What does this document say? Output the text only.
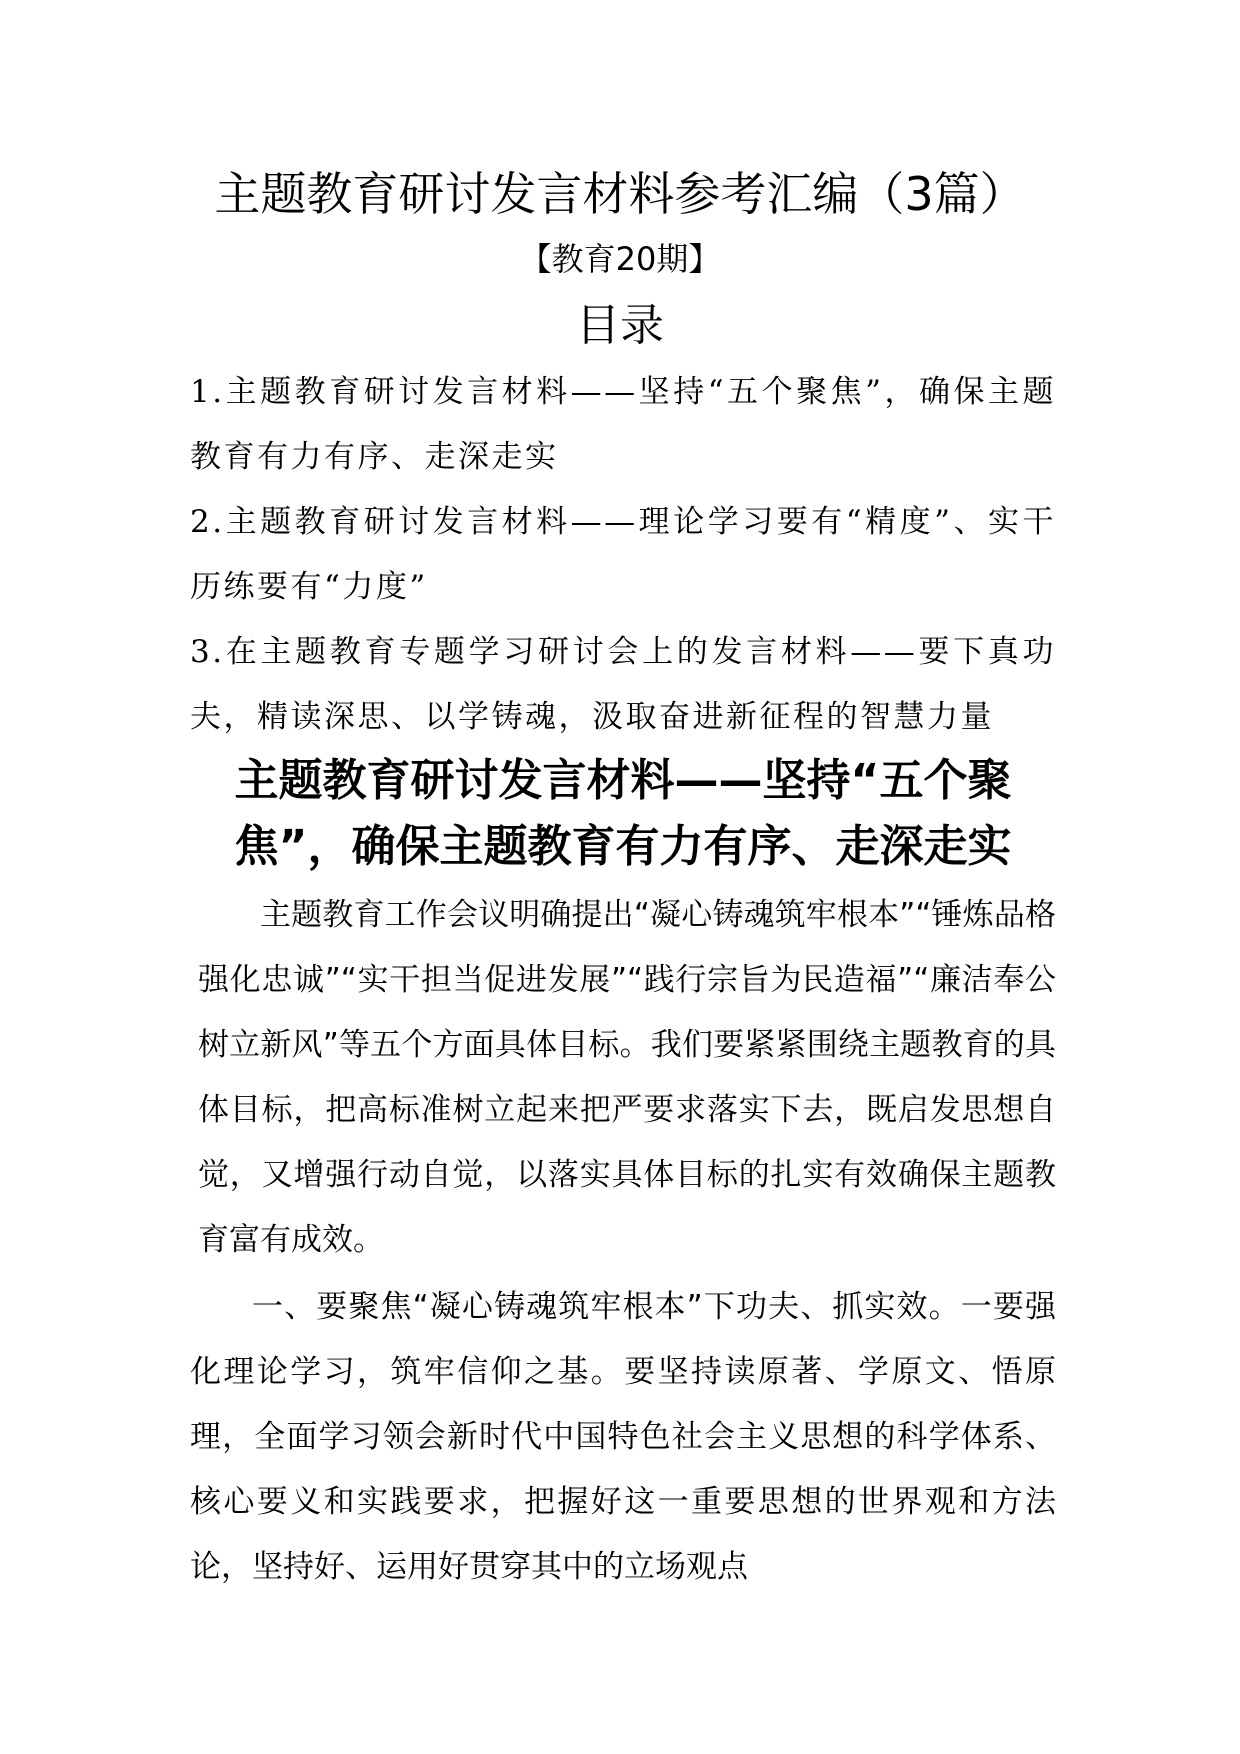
主题教育研讨发言材料参考汇编（3篇）
【教育20期】
目录
1.主题教育研讨发言材料——坚持“五个聚焦”，确保主题教育有力有序、走深走实
2.主题教育研讨发言材料——理论学习要有“精度”、实干历练要有“力度”
3.在主题教育专题学习研讨会上的发言材料——要下真功夫，精读深思、以学铸魂，汲取奋进新征程的智慧力量
主题教育研讨发言材料——坚持“五个聚焦”，确保主题教育有力有序、走深走实

主题教育工作会议明确提出“凝心铸魂筑牢根本”“锤炼品格强化忠诚”“实干担当促进发展”“践行宗旨为民造福”“廉洁奉公树立新风”等五个方面具体目标。我们要紧紧围绕主题教育的具体目标，把高标准树立起来把严要求落实下去，既启发思想自觉，又增强行动自觉，以落实具体目标的扎实有效确保主题教育富有成效。

一、要聚焦“凝心铸魂筑牢根本”下功夫、抓实效。一要强化理论学习，筑牢信仰之基。要坚持读原著、学原文、悟原理，全面学习领会新时代中国特色社会主义思想的科学体系、核心要义和实践要求，把握好这一重要思想的世界观和方法论，坚持好、运用好贯穿其中的立场观点
